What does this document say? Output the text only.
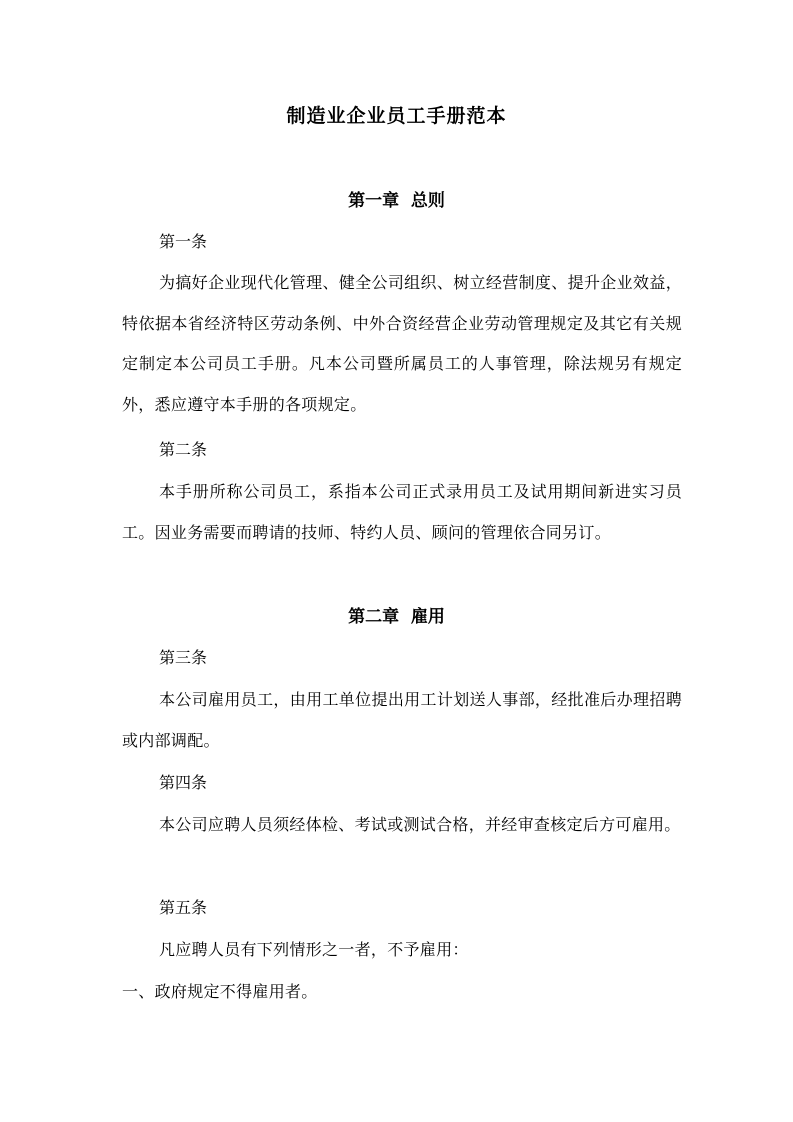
制造业企业员工手册范本
第一章  总则
第一条
为搞好企业现代化管理、健全公司组织、树立经营制度、提升企业效益，特依据本省经济特区劳动条例、中外合资经营企业劳动管理规定及其它有关规定制定本公司员工手册。凡本公司暨所属员工的人事管理，除法规另有规定外，悉应遵守本手册的各项规定。
第二条
本手册所称公司员工，系指本公司正式录用员工及试用期间新进实习员工。因业务需要而聘请的技师、特约人员、顾问的管理依合同另订。
第二章  雇用
第三条
本公司雇用员工，由用工单位提出用工计划送人事部，经批准后办理招聘或内部调配。
第四条
本公司应聘人员须经体检、考试或测试合格，并经审查核定后方可雇用。
第五条
凡应聘人员有下列情形之一者，不予雇用：
一、政府规定不得雇用者。
